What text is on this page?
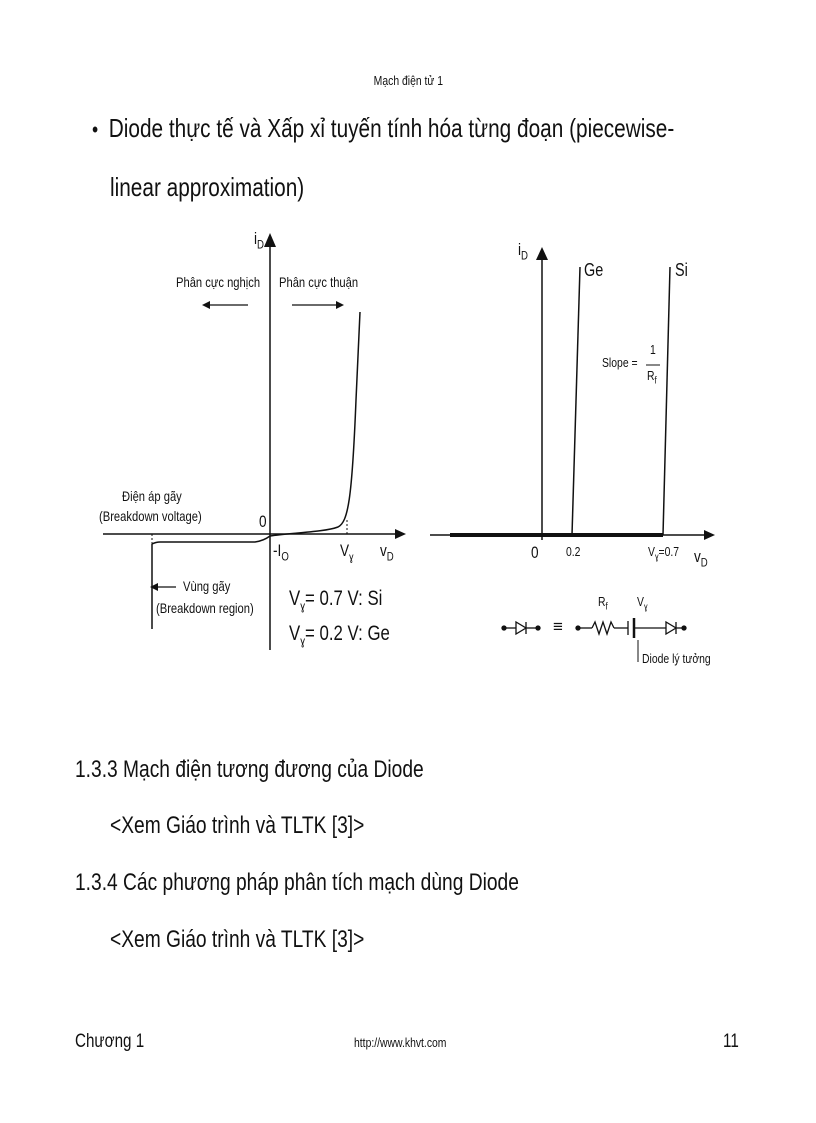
Mạch điện tử 1
• Diode thực tế và Xấp xỉ tuyến tính hóa từng đoạn (piecewise-
linear approximation)
$i_D$
Phân cực nghịch Phân cực thuận
Điện áp gãy
(Breakdown voltage)	0
$-I_O$	$V_ɣ$ $v_D$
Vùng gãy
(Breakdown region) $V_ɣ= 0.7$ V: Si
$V_ɣ= 0.2$ V: Ge
$i_D$
Ge	Si
Slope =
1
$R_f$
0 0.2	$V_ɣ=0.7$ $v_D$
$R_f$ $V_ɣ$
≡
Diode lý tưởng
1.3.3 Mạch điện tương đương của Diode
<Xem Giáo trình và TLTK [3]>
1.3.4 Các phương pháp phân tích mạch dùng Diode
<Xem Giáo trình và TLTK [3]>
Chương 1	http://www.khvt.com	11
